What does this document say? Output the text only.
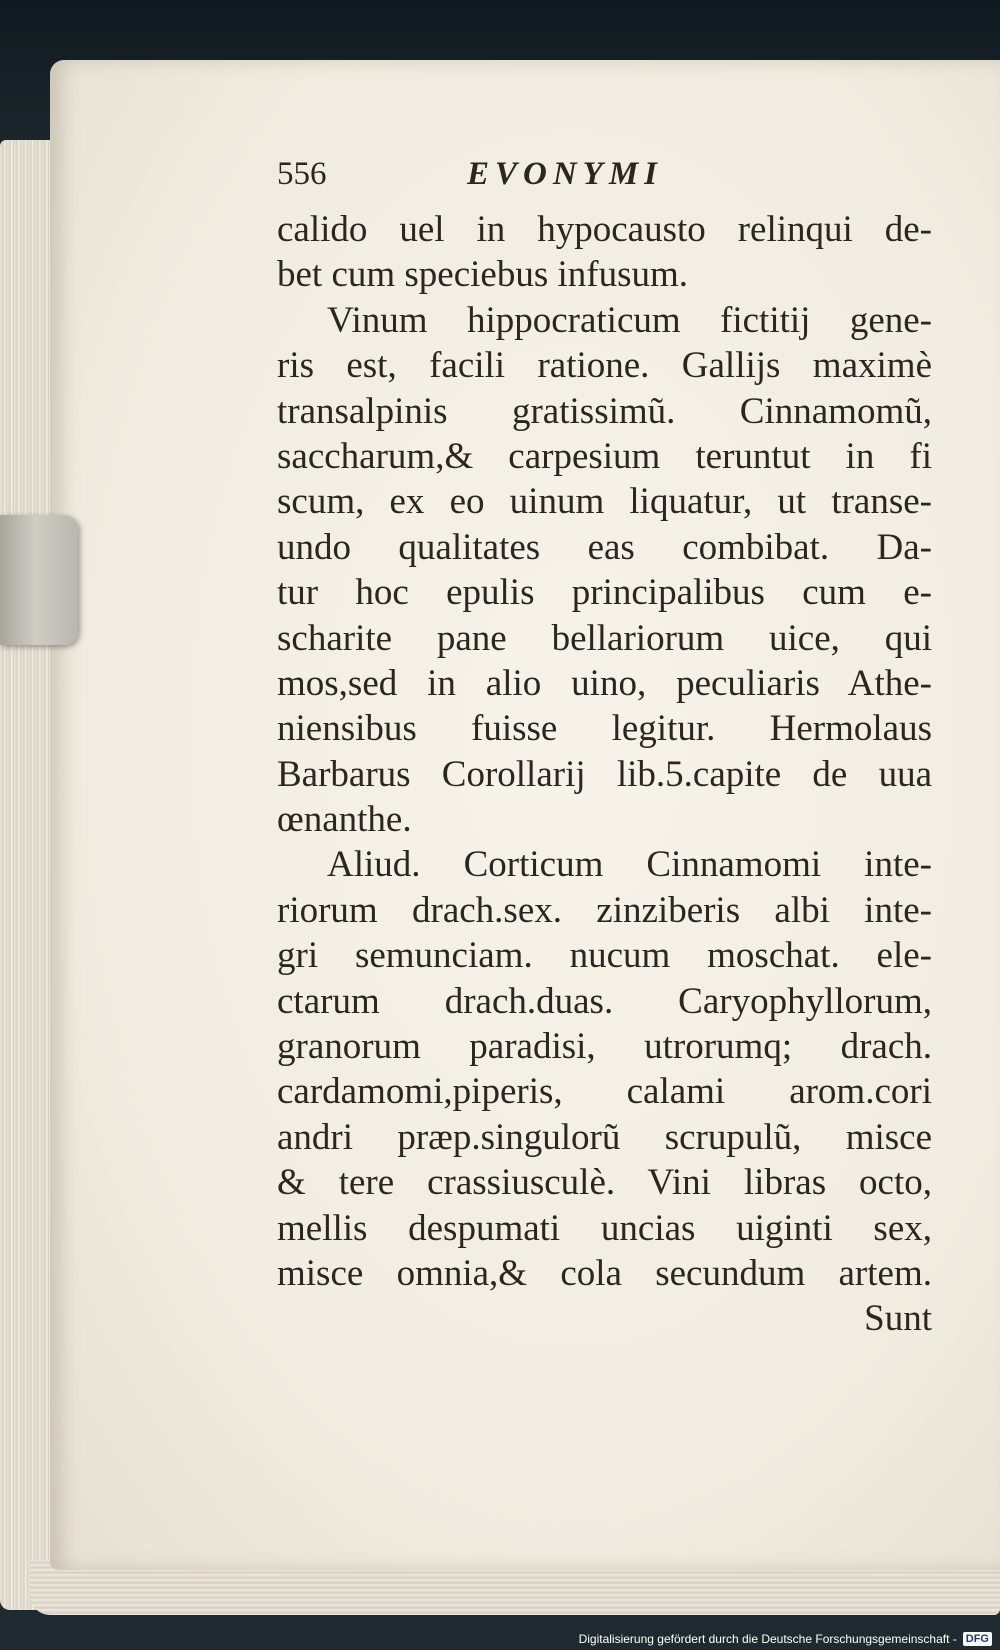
556	EVONYMI
calido uel in hypocausto relinqui de-
bet cum speciebus infusum.
Vinum hippocraticum fictitij gene-
ris est, facili ratione. Gallijs maximè
transalpinis gratissimũ. Cinnamomũ,
saccharum,& carpesium teruntut in fi
scum, ex eo uinum liquatur, ut transe-
undo qualitates eas combibat. Da-
tur hoc epulis principalibus cum e-
scharite pane bellariorum uice, qui
mos,sed in alio uino, peculiaris Athe-
niensibus fuisse legitur. Hermolaus
Barbarus Corollarij lib.5.capite de uua
œnanthe.
Aliud. Corticum Cinnamomi inte-
riorum drach.sex. zinziberis albi inte-
gri semunciam. nucum moschat. ele-
ctarum drach.duas. Caryophyllorum,
granorum paradisi, utrorumq; drach.
cardamomi,piperis, calami arom.cori
andri præp.singulorũ scrupulũ, misce
& tere crassiusculè. Vini libras octo,
mellis despumati uncias uiginti sex,
misce omnia,& cola secundum artem.
Sunt
Digitalisierung gefördert durch die Deutsche Forschungsgemeinschaft - DFG
